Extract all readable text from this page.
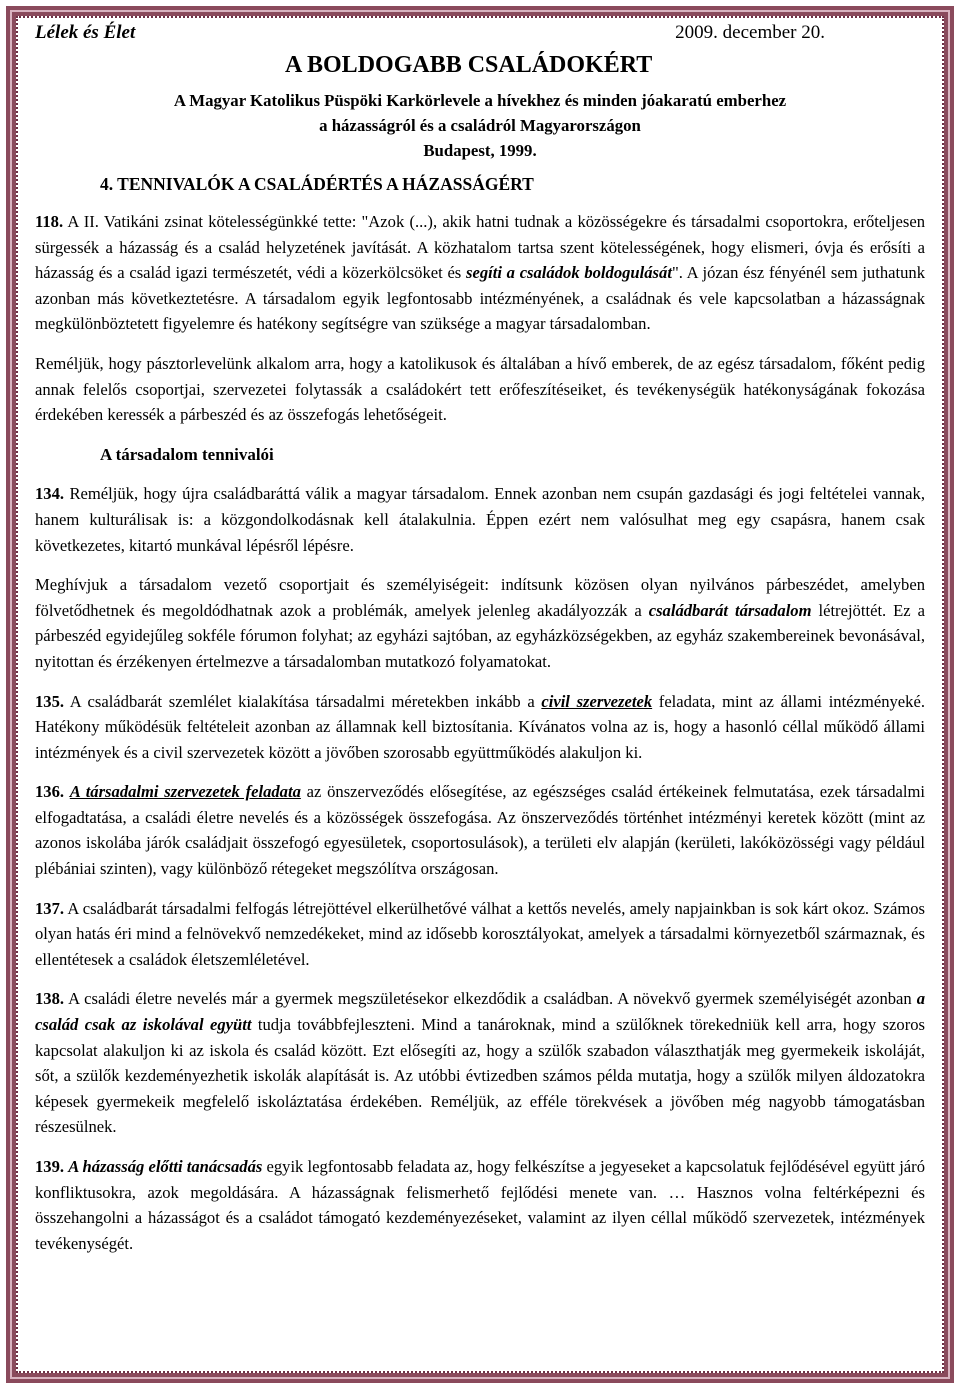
Lélek és Élet	2009. december 20.
A BOLDOGABB CSALÁDOKÉRT
A Magyar Katolikus Püspöki Karkörlevele a hívekhez és minden jóakaratú emberhez
a házasságról és a családról Magyarországon
Budapest, 1999.
4. TENNIVALÓK A CSALÁDÉRTÉS A HÁZASSÁGÉRT

118. A II. Vatikáni zsinat kötelességünkké tette: "Azok (...), akik hatni tudnak a közösségekre és társadalmi csoportokra, erőteljesen sürgessék a házasság és a család helyzetének javítását. A közhatalom tartsa szent kötelességének, hogy elismeri, óvja és erősíti a házasság és a család igazi természetét, védi a közerkölcsöket és segíti a családok boldogulását". A józan ész fényénél sem juthatunk azonban más következtetésre. A társadalom egyik legfontosabb intézményének, a családnak és vele kapcsolatban a házasságnak megkülönböztetett figyelemre és hatékony segítségre van szüksége a magyar társadalomban.

Reméljük, hogy pásztorlevelünk alkalom arra, hogy a katolikusok és általában a hívő emberek, de az egész társadalom, főként pedig annak felelős csoportjai, szervezetei folytassák a családokért tett erőfeszítéseiket, és tevékenységük hatékonyságának fokozása érdekében keressék a párbeszéd és az összefogás lehetőségeit.

A társadalom tennivalói

134. Reméljük, hogy újra családbaráttá válik a magyar társadalom. Ennek azonban nem csupán gazdasági és jogi feltételei vannak, hanem kulturálisak is: a közgondolkodásnak kell átalakulnia. Éppen ezért nem valósulhat meg egy csapásra, hanem csak következetes, kitartó munkával lépésről lépésre.

Meghívjuk a társadalom vezető csoportjait és személyiségeit: indítsunk közösen olyan nyilvános párbeszédet, amelyben fölvetődhetnek és megoldódhatnak azok a problémák, amelyek jelenleg akadályozzák a családbarát társadalom létrejöttét. Ez a párbeszéd egyidejűleg sokféle fórumon folyhat; az egyházi sajtóban, az egyházközségekben, az egyház szakembereinek bevonásával, nyitottan és érzékenyen értelmezve a társadalomban mutatkozó folyamatokat.

135. A családbarát szemlélet kialakítása társadalmi méretekben inkább a civil szervezetek feladata, mint az állami intézményeké. Hatékony működésük feltételeit azonban az államnak kell biztosítania. Kívánatos volna az is, hogy a hasonló céllal működő állami intézmények és a civil szervezetek között a jövőben szorosabb együttműködés alakuljon ki.

136. A társadalmi szervezetek feladata az önszerveződés elősegítése, az egészséges család értékeinek felmutatása, ezek társadalmi elfogadtatása, a családi életre nevelés és a közösségek összefogása. Az önszerveződés történhet intézményi keretek között (mint az azonos iskolába járók családjait összefogó egyesületek, csoportosulások), a területi elv alapján (kerületi, lakóközösségi vagy például plébániai szinten), vagy különböző rétegeket megszólítva országosan.

137. A családbarát társadalmi felfogás létrejöttével elkerülhetővé válhat a kettős nevelés, amely napjainkban is sok kárt okoz. Számos olyan hatás éri mind a felnövekvő nemzedékeket, mind az idősebb korosztályokat, amelyek a társadalmi környezetből származnak, és ellentétesek a családok életszemléletével.

138. A családi életre nevelés már a gyermek megszületésekor elkezdődik a családban. A növekvő gyermek személyiségét azonban a család csak az iskolával együtt tudja továbbfejleszteni. Mind a tanároknak, mind a szülőknek törekedniük kell arra, hogy szoros kapcsolat alakuljon ki az iskola és család között. Ezt elősegíti az, hogy a szülők szabadon választhatják meg gyermekeik iskoláját, sőt, a szülők kezdeményezhetik iskolák alapítását is. Az utóbbi évtizedben számos példa mutatja, hogy a szülők milyen áldozatokra képesek gyermekeik megfelelő iskoláztatása érdekében. Reméljük, az efféle törekvések a jövőben még nagyobb támogatásban részesülnek.

139. A házasság előtti tanácsadás egyik legfontosabb feladata az, hogy felkészítse a jegyeseket a kapcsolatuk fejlődésével együtt járó konfliktusokra, azok megoldására. A házasságnak felismerhető fejlődési menete van. … Hasznos volna feltérképezni és összehangolni a házasságot és a családot támogató kezdeményezéseket, valamint az ilyen céllal működő szervezetek, intézmények tevékenységét.
